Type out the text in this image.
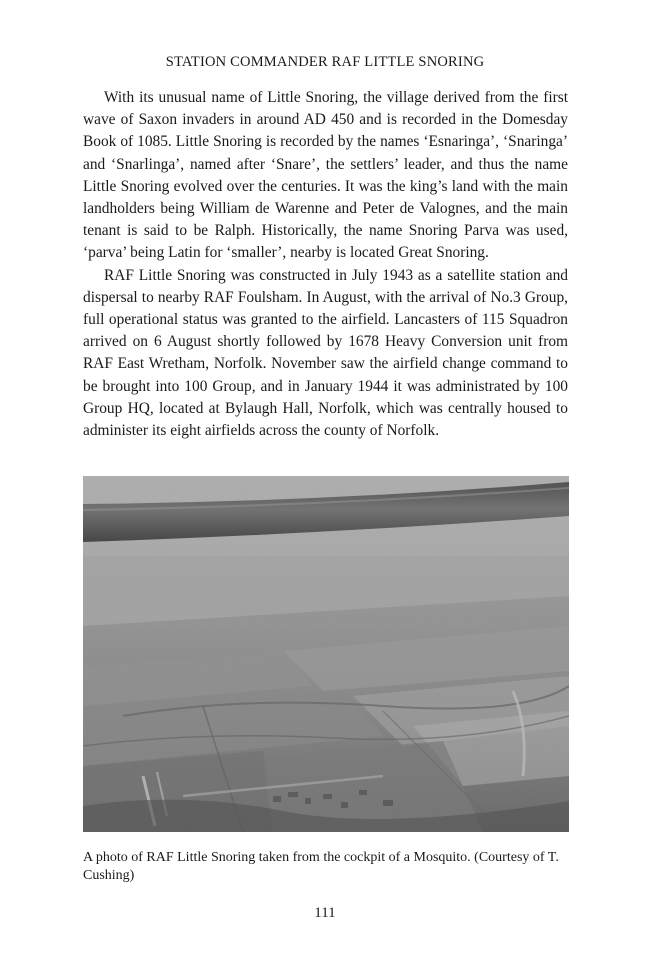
STATION COMMANDER RAF LITTLE SNORING

With its unusual name of Little Snoring, the village derived from the first wave of Saxon invaders in around AD 450 and is recorded in the Domesday Book of 1085. Little Snoring is recorded by the names ‘Esnaringa’, ‘Snaringa’ and ‘Snarlinga’, named after ‘Snare’, the settlers’ leader, and thus the name Little Snoring evolved over the centuries. It was the king’s land with the main landholders being William de Warenne and Peter de Valognes, and the main tenant is said to be Ralph. Historically, the name Snoring Parva was used, ‘parva’ being Latin for ‘smaller’, nearby is located Great Snoring.

RAF Little Snoring was constructed in July 1943 as a satellite station and dispersal to nearby RAF Foulsham. In August, with the arrival of No.3 Group, full operational status was granted to the airfield. Lancasters of 115 Squadron arrived on 6 August shortly followed by 1678 Heavy Conversion unit from RAF East Wretham, Norfolk. November saw the airfield change command to be brought into 100 Group, and in January 1944 it was administrated by 100 Group HQ, located at Bylaugh Hall, Norfolk, which was centrally housed to administer its eight airfields across the county of Norfolk.

A photo of RAF Little Snoring taken from the cockpit of a Mosquito. (Courtesy of T. Cushing)
111
